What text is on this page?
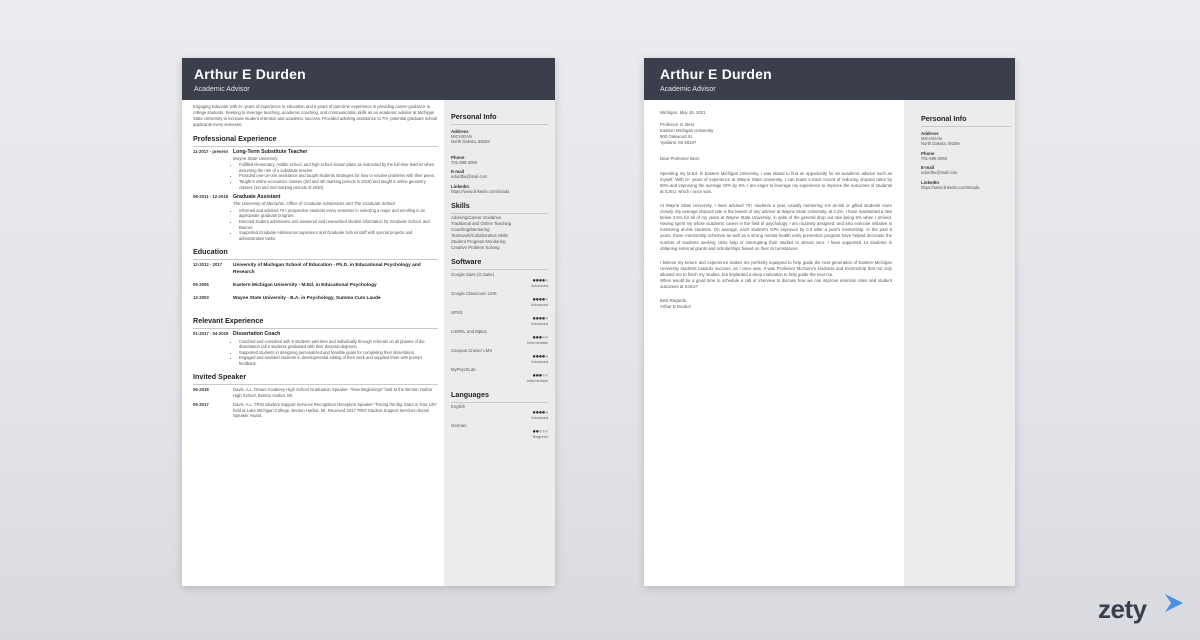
Arthur E Durden
Academic Advisor
Engaging Educator with 6+ years of experience in education and 6 years of part-time experience in providing career guidance to college students. Seeking to leverage teaching, academic coaching, and communication skills as an academic advisor at Michigan State University to increase student retention and academic success. Provided advising assistance to 70+ potential graduate school applicants every semester.
Professional Experience
11-2017 - present Long-Term Substitute Teacher
Wayne State University
• Fulfilled elementary, middle school, and high school lesson plans as instructed by the full-time teacher when assuming the role of a substitute teacher
• Provided one-on-one assistance and taught students strategies for how to resolve problems with their peers.
• Taught 5 online economics classes (3rd and 4th marking periods in 2018) and taught 5 online geometry classes (1st and 2nd marking periods of 2020).
08-2011 - 12-2016 Graduate Assistant
The University of Memphis, Office of Graduate Admissions and The Graduate School
• Informed and advised 70+ prospective students every semester in selecting a major and enrolling in an appropriate graduate program.
• Directed student admissions and answered and researched student information for Graduate School, and Banner.
• Supported Graduate Admissions supervisor and Graduate School staff with special projects and administrative tasks.
Education
12-2012 - 2017	University of Michigan School of Education - Ph.D. in Educational Psychology and Research
05-2005	Eastern Michigan University - M.Ed. in Educational Psychology
12-2003	Wayne State University - B.A. in Psychology, Summa Cum Laude
Relevant Experience
01-2017 - 04-2019 Dissertation Coach
• Coached and consulted with 5 students part-time and individually through referrals on all phases of the dissertation (all 5 students graduated with their doctoral degrees).
• Supported students in designing personalized and feasible goals for completing their dissertation.
• Engaged and assisted students in developmental editing of their work and supplied them with prompt feedback.
Invited Speaker
06-2018	Davis, A.L. Dream Academy High School Graduation Speaker- "New Beginnings" held at the Benton Harbor High School, Benton Harbor, MI.
05-2017	Davis, A.L. TRIO Student Support Services Recognition Reception Speaker-"Facing the Big Giant in Your Life" held at Lake Michigan College, Benton Harbor, MI. Received 2017 TRIO Student Support Services Alumni Speaker Award.
Personal Info
Address
MICHIGAN
North Dakota, 58259
Phone
701-699-3093
E-mail
edurdhu@mail.com
LinkedIn
https://www.linkedin.com/in/ada
Skills
Advising/Career Guidance
Traditional and Online Teaching
Coaching/Mentoring
Teamwork/Collaborative Skills
Student Progress Monitoring
Creative Problem Solving
Software
Google Suite (G Suite)
●●●●●
Advanced
Google Classroom LMS
●●●●●
Advanced
SPSS
●●●●●
Advanced
LISREL and Mplus
●●●●●
Intermediate
Campus Cruiser LMS
●●●●●
Advanced
MyPsychLab
●●●●●
Intermediate
Languages
English
●●●●●
Advanced
German
●●●●●
Beginner
Arthur E Durden
Academic Advisor
Michigan, May 15, 2021
Professor G. Best
Eastern Michigan University
900 Oakwood St.
Ypsilanti, MI 48197
Dear Professor Best,
Spending my M.Ed. in Eastern Michigan University, I was elated to find an opportunity for an academic advisor such as myself. With 6+ years of experience at Wayne State University, I can boast a track record of reducing dropout rates by 60% and improving the average GPA by 9%. I am eager to leverage my experience to improve the outcomes of students at SJSU, which I once was.
At Wayne State University, I have advised 70+ students a year, usually mentoring 4-6 at-risk or gifted students more closely. My average dropout rate is the lowest of any advisor at Wayne State University, at 2.2%. I have maintained a rate below 3.5% for all of my years at Wayne State University, in spite of the general drop out rate being 9% when I arrived. Having spent my whole academic career in the field of psychology, I am routinely assigned, and also exercise initiative in mentoring at-risk students. On average, each student's GPA improves by 0.3 after a year's mentorship. In the past 5 years, these mentorship schemes as well as a strong mental health early prevention program have helped decrease the number of students seeking crisis help or interrupting their studies to almost zero. I have supported 14 students in obtaining external grants and scholarships based on their circumstances.
I believe my tenure and experience makes me perfectly equipped to help guide the next generation of Eastern Michigan University students towards success, as I once was. It was Professor McGuire's kindness and mentorship that not only allowed me to finish my studies, but implanted a deep motivation to help guide the next me.
When would be a good time to schedule a call or interview to discuss how we can improve retention rates and student outcomes at SJSU?
Best Regards,
Arthur E Durden
Personal Info
Address
MICHIGAN
North Dakota, 58259
Phone
701-699-3093
E-mail
edurdhu@mail.com
LinkedIn
https://www.linkedin.com/in/ada
zety
